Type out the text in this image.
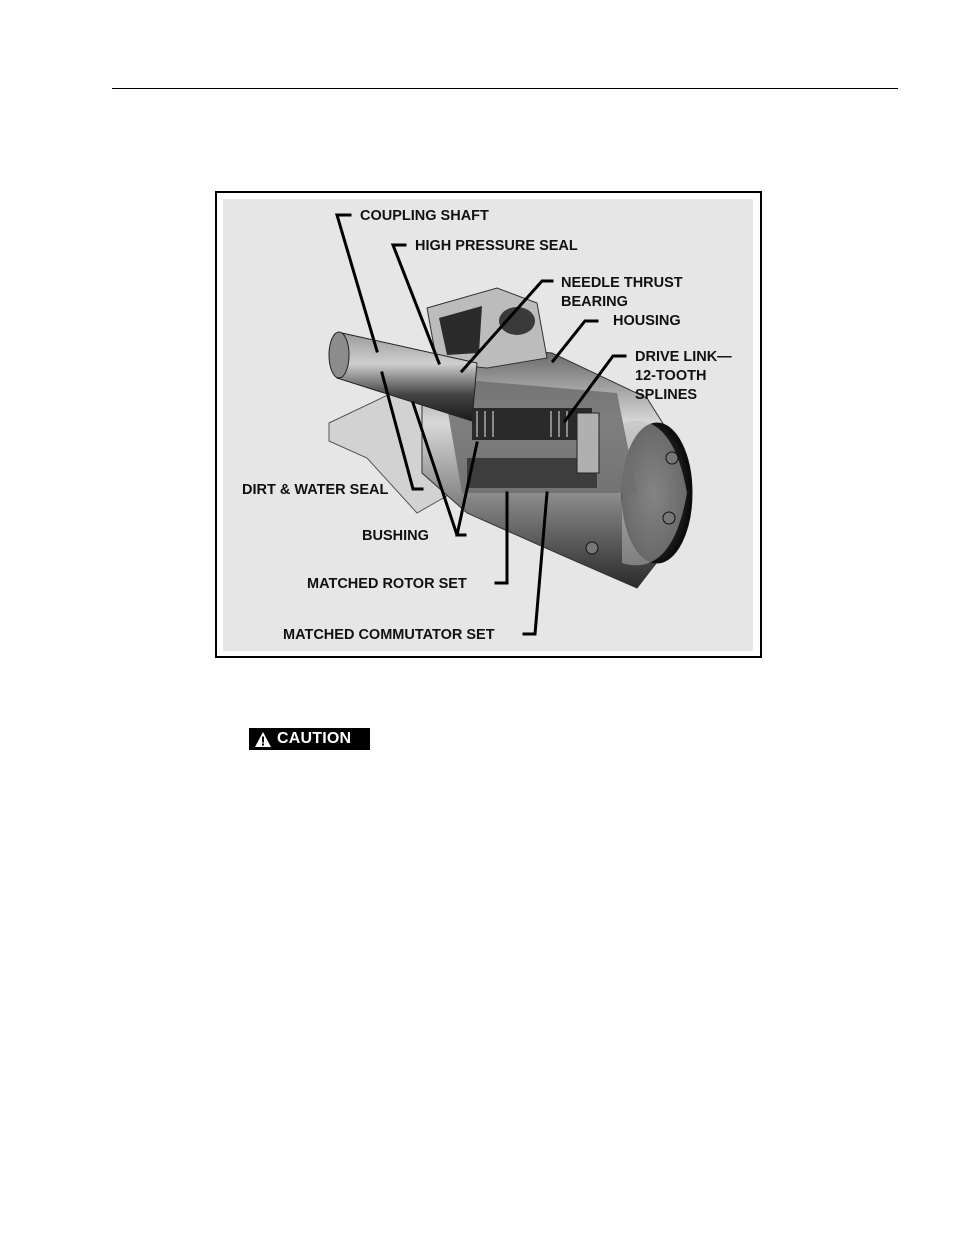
COUPLING SHAFT
HIGH PRESSURE SEAL
NEEDLE THRUST
BEARING
HOUSING
DRIVE LINK—
12-TOOTH
SPLINES
DIRT & WATER SEAL
BUSHING
MATCHED ROTOR SET
MATCHED COMMUTATOR SET
CAUTION
